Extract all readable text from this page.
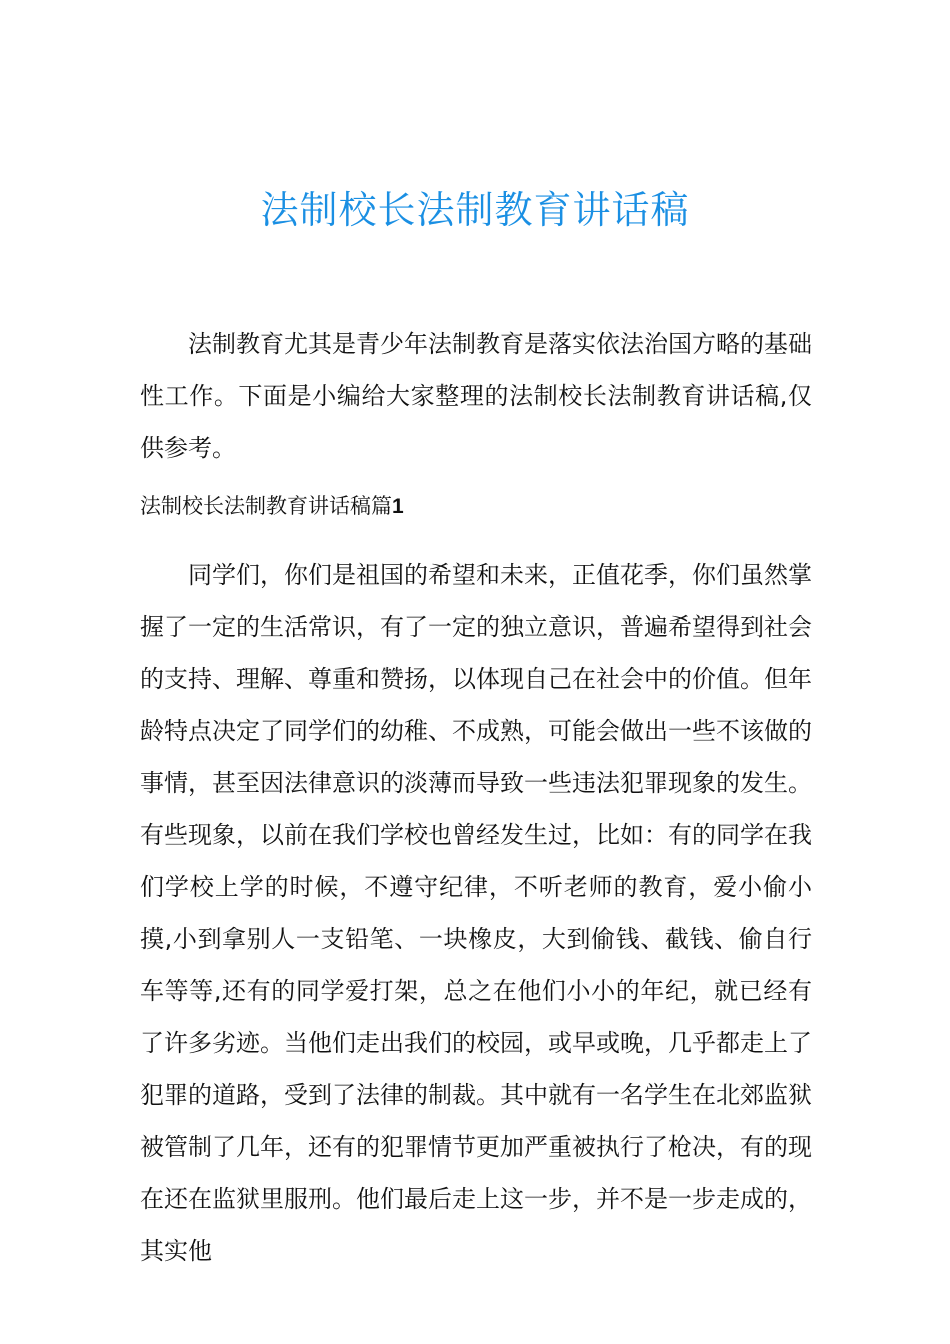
法制校长法制教育讲话稿

法制教育尤其是青少年法制教育是落实依法治国方略的基础性工作。下面是小编给大家整理的法制校长法制教育讲话稿,仅供参考。

法制校长法制教育讲话稿篇1

同学们，你们是祖国的希望和未来，正值花季，你们虽然掌握了一定的生活常识，有了一定的独立意识，普遍希望得到社会的支持、理解、尊重和赞扬，以体现自己在社会中的价值。但年龄特点决定了同学们的幼稚、不成熟，可能会做出一些不该做的事情，甚至因法律意识的淡薄而导致一些违法犯罪现象的发生。有些现象，以前在我们学校也曾经发生过，比如：有的同学在我们学校上学的时候，不遵守纪律，不听老师的教育，爱小偷小摸,小到拿别人一支铅笔、一块橡皮，大到偷钱、截钱、偷自行车等等,还有的同学爱打架，总之在他们小小的年纪，就已经有了许多劣迹。当他们走出我们的校园，或早或晚，几乎都走上了犯罪的道路，受到了法律的制裁。其中就有一名学生在北郊监狱被管制了几年，还有的犯罪情节更加严重被执行了枪决，有的现在还在监狱里服刑。他们最后走上这一步，并不是一步走成的，其实他
